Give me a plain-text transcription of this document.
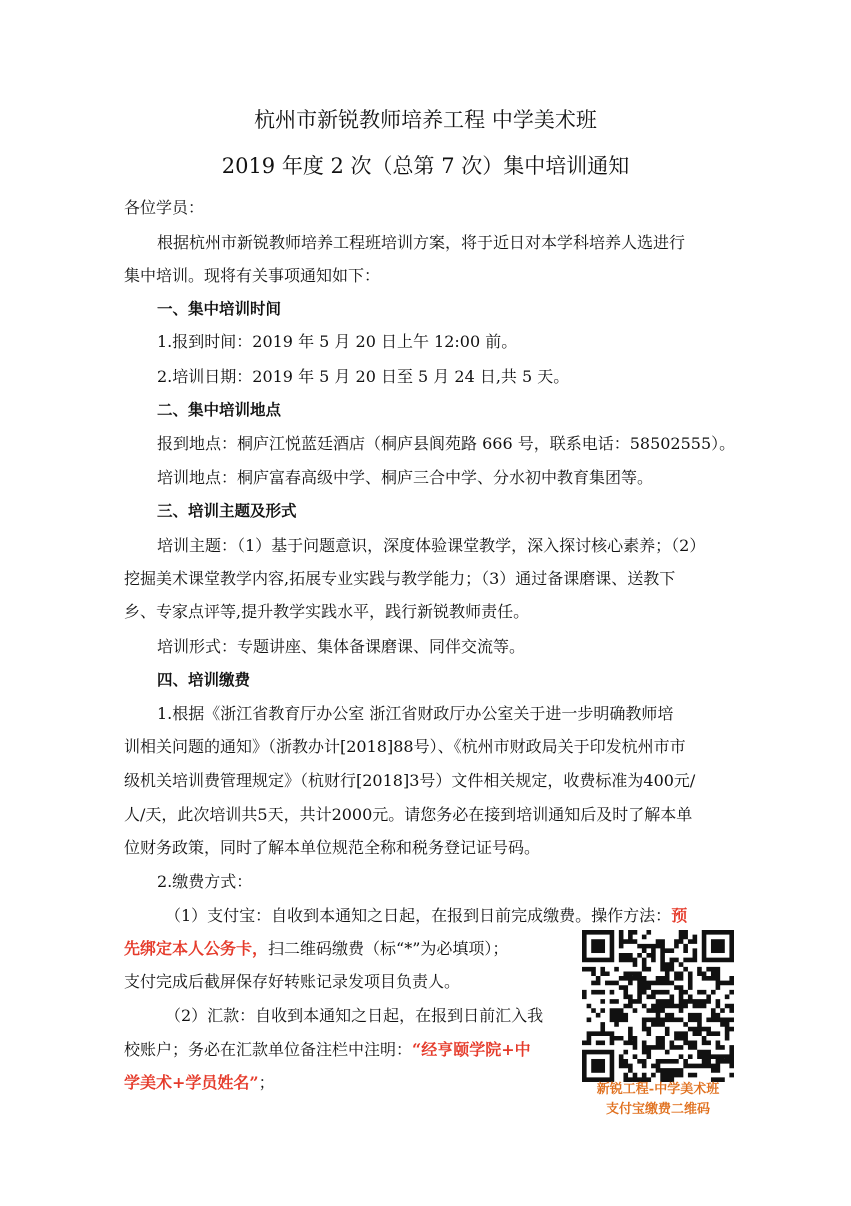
杭州市新锐教师培养工程 中学美术班
2019 年度 2 次（总第 7 次）集中培训通知
各位学员：
根据杭州市新锐教师培养工程班培训方案，将于近日对本学科培养人选进行
集中培训。现将有关事项通知如下：
一、集中培训时间
1.报到时间：2019 年 5 月 20 日上午 12:00 前。
2.培训日期：2019 年 5 月 20 日至 5 月 24 日,共 5 天。
二、集中培训地点
报到地点：桐庐江悦蓝廷酒店（桐庐县阆苑路 666 号，联系电话：58502555）。
培训地点：桐庐富春高级中学、桐庐三合中学、分水初中教育集团等。
三、培训主题及形式
培训主题：（1）基于问题意识，深度体验课堂教学，深入探讨核心素养；（2）
挖掘美术课堂教学内容,拓展专业实践与教学能力；（3）通过备课磨课、送教下
乡、专家点评等,提升教学实践水平，践行新锐教师责任。
培训形式：专题讲座、集体备课磨课、同伴交流等。
四、培训缴费
1.根据《浙江省教育厅办公室 浙江省财政厅办公室关于进一步明确教师培
训相关问题的通知》（浙教办计[2018]88号）、《杭州市财政局关于印发杭州市市
级机关培训费管理规定》（杭财行[2018]3号）文件相关规定，收费标准为400元/
人/天，此次培训共5天，共计2000元。请您务必在接到培训通知后及时了解本单
位财务政策，同时了解本单位规范全称和税务登记证号码。
2.缴费方式：
（1）支付宝：自收到本通知之日起，在报到日前完成缴费。操作方法：预
先绑定本人公务卡，扫二维码缴费（标“*”为必填项）；
支付完成后截屏保存好转账记录发项目负责人。
（2）汇款：自收到本通知之日起，在报到日前汇入我
校账户；务必在汇款单位备注栏中注明：“经亨颐学院+中
学美术+学员姓名”；	新锐工程-中学美术班
支付宝缴费二维码
